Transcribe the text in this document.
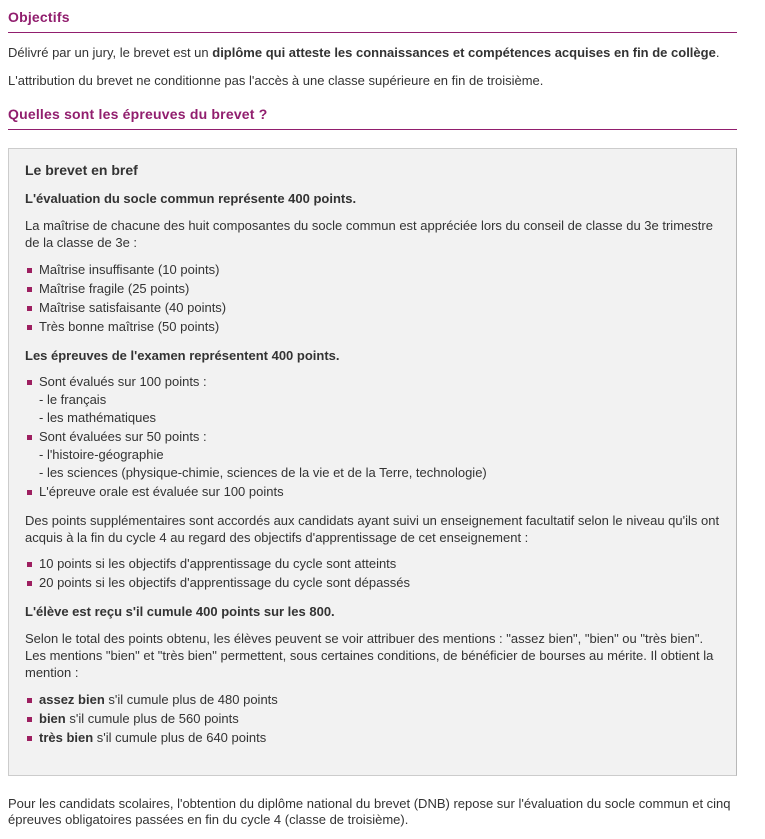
Objectifs

Délivré par un jury, le brevet est un diplôme qui atteste les connaissances et compétences acquises en fin de collège.

L'attribution du brevet ne conditionne pas l'accès à une classe supérieure en fin de troisième.

Quelles sont les épreuves du brevet ?
Le brevet en bref

L'évaluation du socle commun représente 400 points.

La maîtrise de chacune des huit composantes du socle commun est appréciée lors du conseil de classe du 3e trimestre de la classe de 3e :

Maîtrise insuffisante (10 points)
Maîtrise fragile (25 points)
Maîtrise satisfaisante (40 points)
Très bonne maîtrise (50 points)

Les épreuves de l'examen représentent 400 points.

Sont évalués sur 100 points :
- le français
- les mathématiques
Sont évaluées sur 50 points :
- l'histoire-géographie
- les sciences (physique-chimie, sciences de la vie et de la Terre, technologie)
L'épreuve orale est évaluée sur 100 points

Des points supplémentaires sont accordés aux candidats ayant suivi un enseignement facultatif selon le niveau qu'ils ont acquis à la fin du cycle 4 au regard des objectifs d'apprentissage de cet enseignement :

10 points si les objectifs d'apprentissage du cycle sont atteints
20 points si les objectifs d'apprentissage du cycle sont dépassés

L'élève est reçu s'il cumule 400 points sur les 800.

Selon le total des points obtenu, les élèves peuvent se voir attribuer des mentions : "assez bien", "bien" ou "très bien". Les mentions "bien" et "très bien" permettent, sous certaines conditions, de bénéficier de bourses au mérite. Il obtient la mention :

assez bien s'il cumule plus de 480 points
bien s'il cumule plus de 560 points
très bien s'il cumule plus de 640 points

Pour les candidats scolaires, l'obtention du diplôme national du brevet (DNB) repose sur l'évaluation du socle commun et cinq épreuves obligatoires passées en fin du cycle 4 (classe de troisième).
